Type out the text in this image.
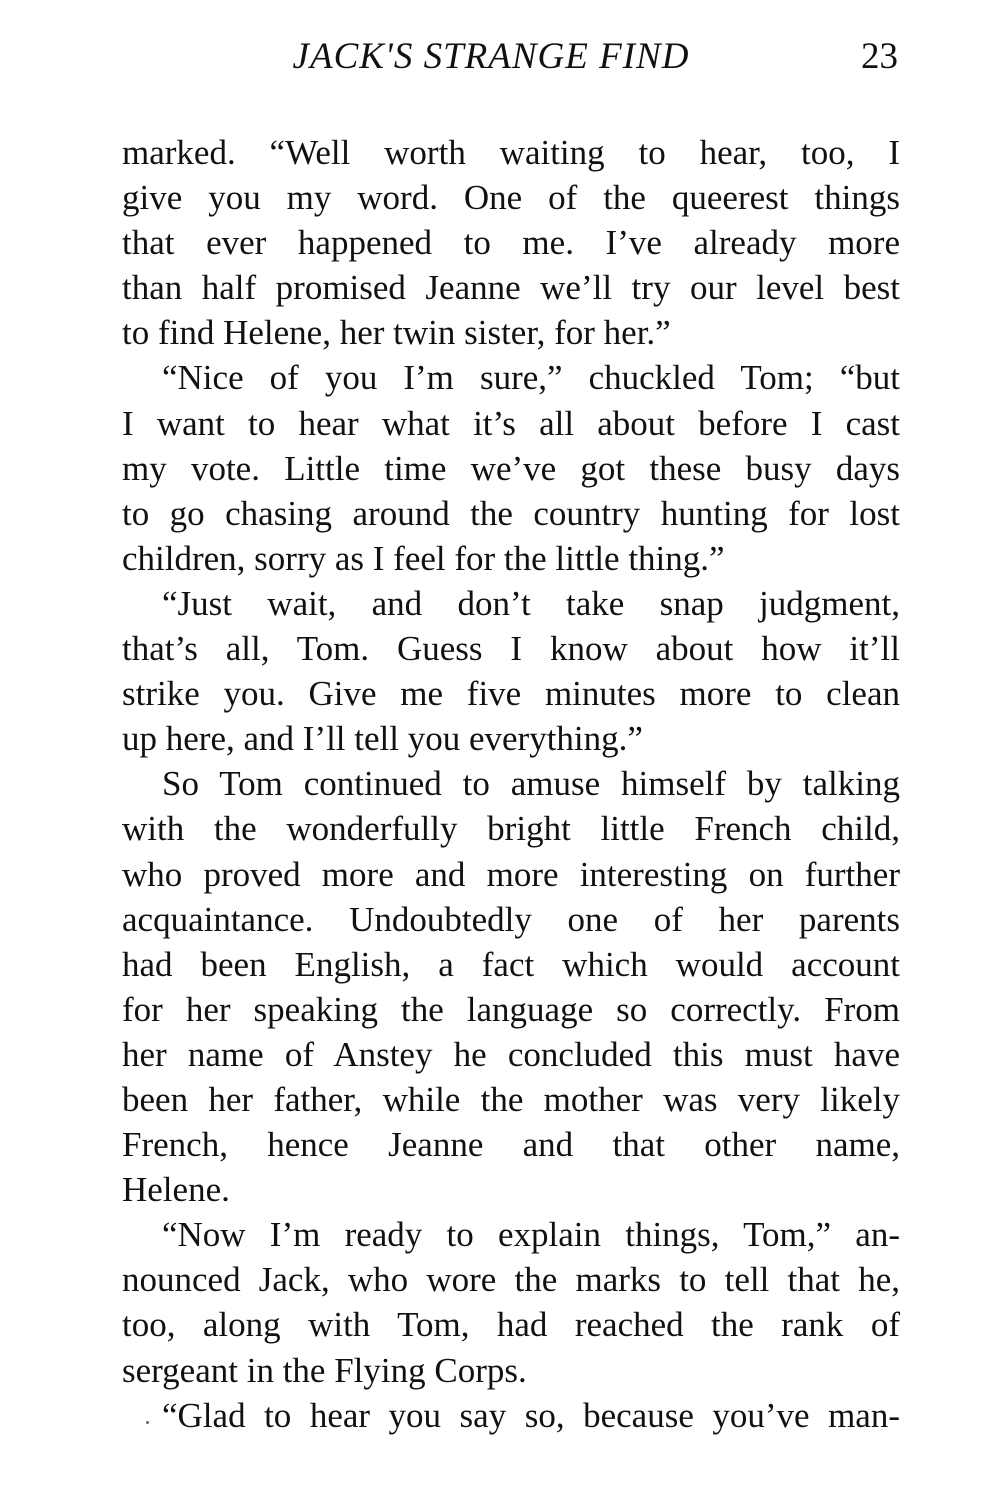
JACK'S STRANGE FIND	23
marked. “Well worth waiting to hear, too, I
give you my word. One of the queerest things
that ever happened to me. I’ve already more
than half promised Jeanne we’ll try our level best
to find Helene, her twin sister, for her.”
“Nice of you I’m sure,” chuckled Tom; “but
I want to hear what it’s all about before I cast
my vote. Little time we’ve got these busy days
to go chasing around the country hunting for lost
children, sorry as I feel for the little thing.”
“Just wait, and don’t take snap judgment,
that’s all, Tom. Guess I know about how it’ll
strike you. Give me five minutes more to clean
up here, and I’ll tell you everything.”
So Tom continued to amuse himself by talking
with the wonderfully bright little French child,
who proved more and more interesting on further
acquaintance. Undoubtedly one of her parents
had been English, a fact which would account
for her speaking the language so correctly. From
her name of Anstey he concluded this must have
been her father, while the mother was very likely
French, hence Jeanne and that other name,
Helene.
“Now I’m ready to explain things, Tom,” an-
nounced Jack, who wore the marks to tell that he,
too, along with Tom, had reached the rank of
sergeant in the Flying Corps.
“Glad to hear you say so, because you’ve man-
